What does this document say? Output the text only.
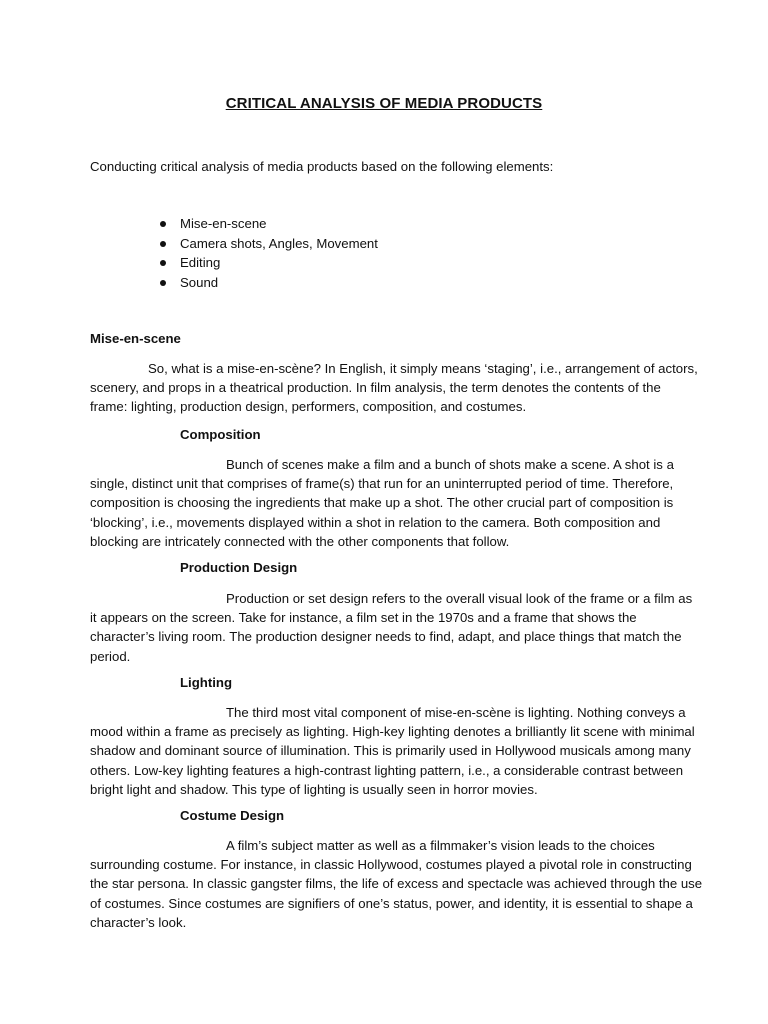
CRITICAL ANALYSIS OF MEDIA PRODUCTS
Conducting critical analysis of media products based on the following elements:
Mise-en-scene
Camera shots, Angles, Movement
Editing
Sound
Mise-en-scene
So, what is a mise-en-scène? In English, it simply means ‘staging’, i.e., arrangement of actors,
scenery, and props in a theatrical production. In film analysis, the term denotes the contents of the
frame: lighting, production design, performers, composition, and costumes.
Composition
Bunch of scenes make a film and a bunch of shots make a scene. A shot is a
single, distinct unit that comprises of frame(s) that run for an uninterrupted period of time. Therefore,
composition is choosing the ingredients that make up a shot. The other crucial part of composition is
‘blocking’, i.e., movements displayed within a shot in relation to the camera. Both composition and
blocking are intricately connected with the other components that follow.
Production Design
Production or set design refers to the overall visual look of the frame or a film as
it appears on the screen. Take for instance, a film set in the 1970s and a frame that shows the
character’s living room. The production designer needs to find, adapt, and place things that match the
period.
Lighting
The third most vital component of mise-en-scène is lighting. Nothing conveys a
mood within a frame as precisely as lighting. High-key lighting denotes a brilliantly lit scene with minimal
shadow and dominant source of illumination. This is primarily used in Hollywood musicals among many
others. Low-key lighting features a high-contrast lighting pattern, i.e., a considerable contrast between
bright light and shadow. This type of lighting is usually seen in horror movies.
Costume Design
A film’s subject matter as well as a filmmaker’s vision leads to the choices
surrounding costume. For instance, in classic Hollywood, costumes played a pivotal role in constructing
the star persona. In classic gangster films, the life of excess and spectacle was achieved through the use
of costumes. Since costumes are signifiers of one’s status, power, and identity, it is essential to shape a
character’s look.
